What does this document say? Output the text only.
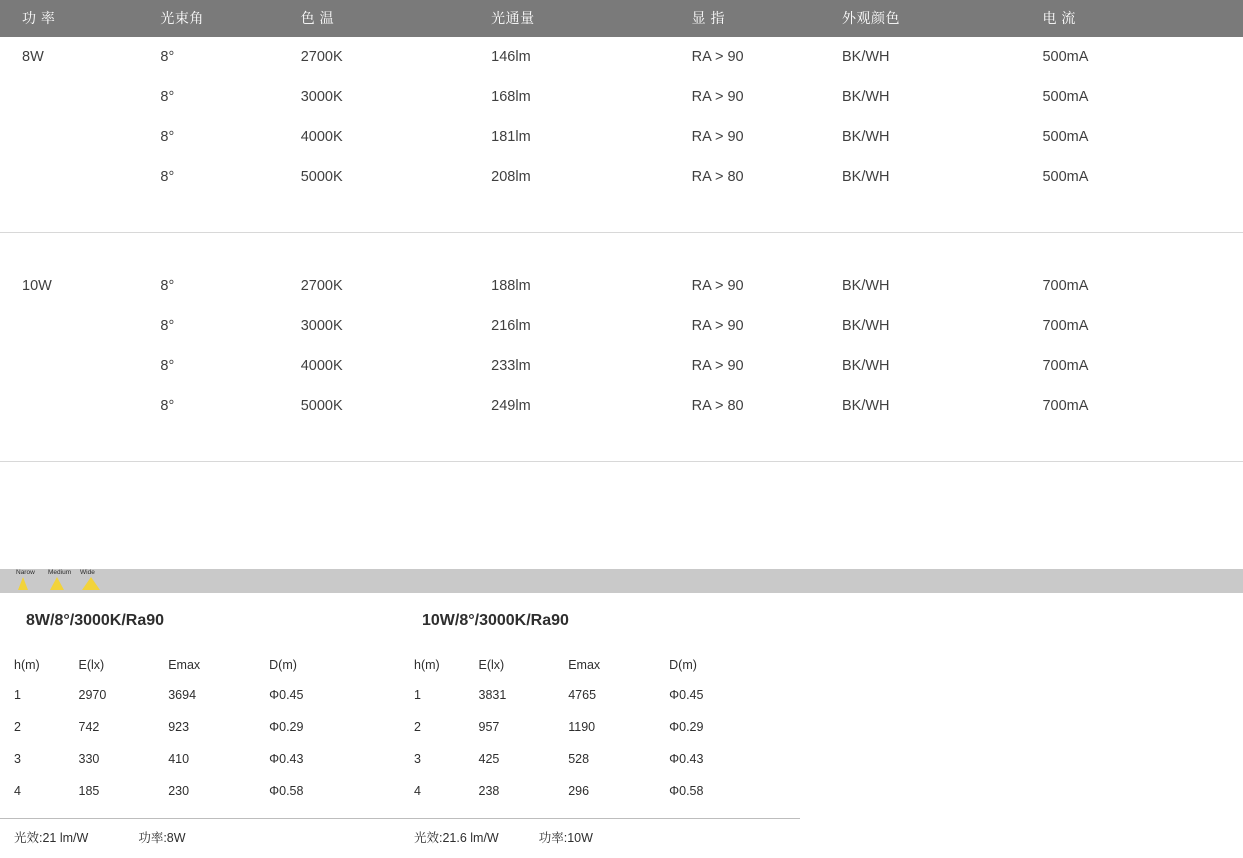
功 率	光束角	色 温	光通量	显 指	外观颜色	电 流
8W	8°	2700K	146lm	RA > 90	BK/WH	500mA
	8°	3000K	168lm	RA > 90	BK/WH	500mA
	8°	4000K	181lm	RA > 90	BK/WH	500mA
	8°	5000K	208lm	RA > 80	BK/WH	500mA

10W	8°	2700K	188lm	RA > 90	BK/WH	700mA
	8°	3000K	216lm	RA > 90	BK/WH	700mA
	8°	4000K	233lm	RA > 90	BK/WH	700mA
	8°	5000K	249lm	RA > 80	BK/WH	700mA

Narow	Medium	Wide
8W/8°/3000K/Ra90
h(m)	E(lx)	Emax	D(m)
1	2970	3694	Φ0.45
2	742	923	Φ0.29
3	330	410	Φ0.43
4	185	230	Φ0.58
光效:21 lm/W	功率:8W
10W/8°/3000K/Ra90
h(m)	E(lx)	Emax	D(m)
1	3831	4765	Φ0.45
2	957	1190	Φ0.29
3	425	528	Φ0.43
4	238	296	Φ0.58
光效:21.6 lm/W	功率:10W
